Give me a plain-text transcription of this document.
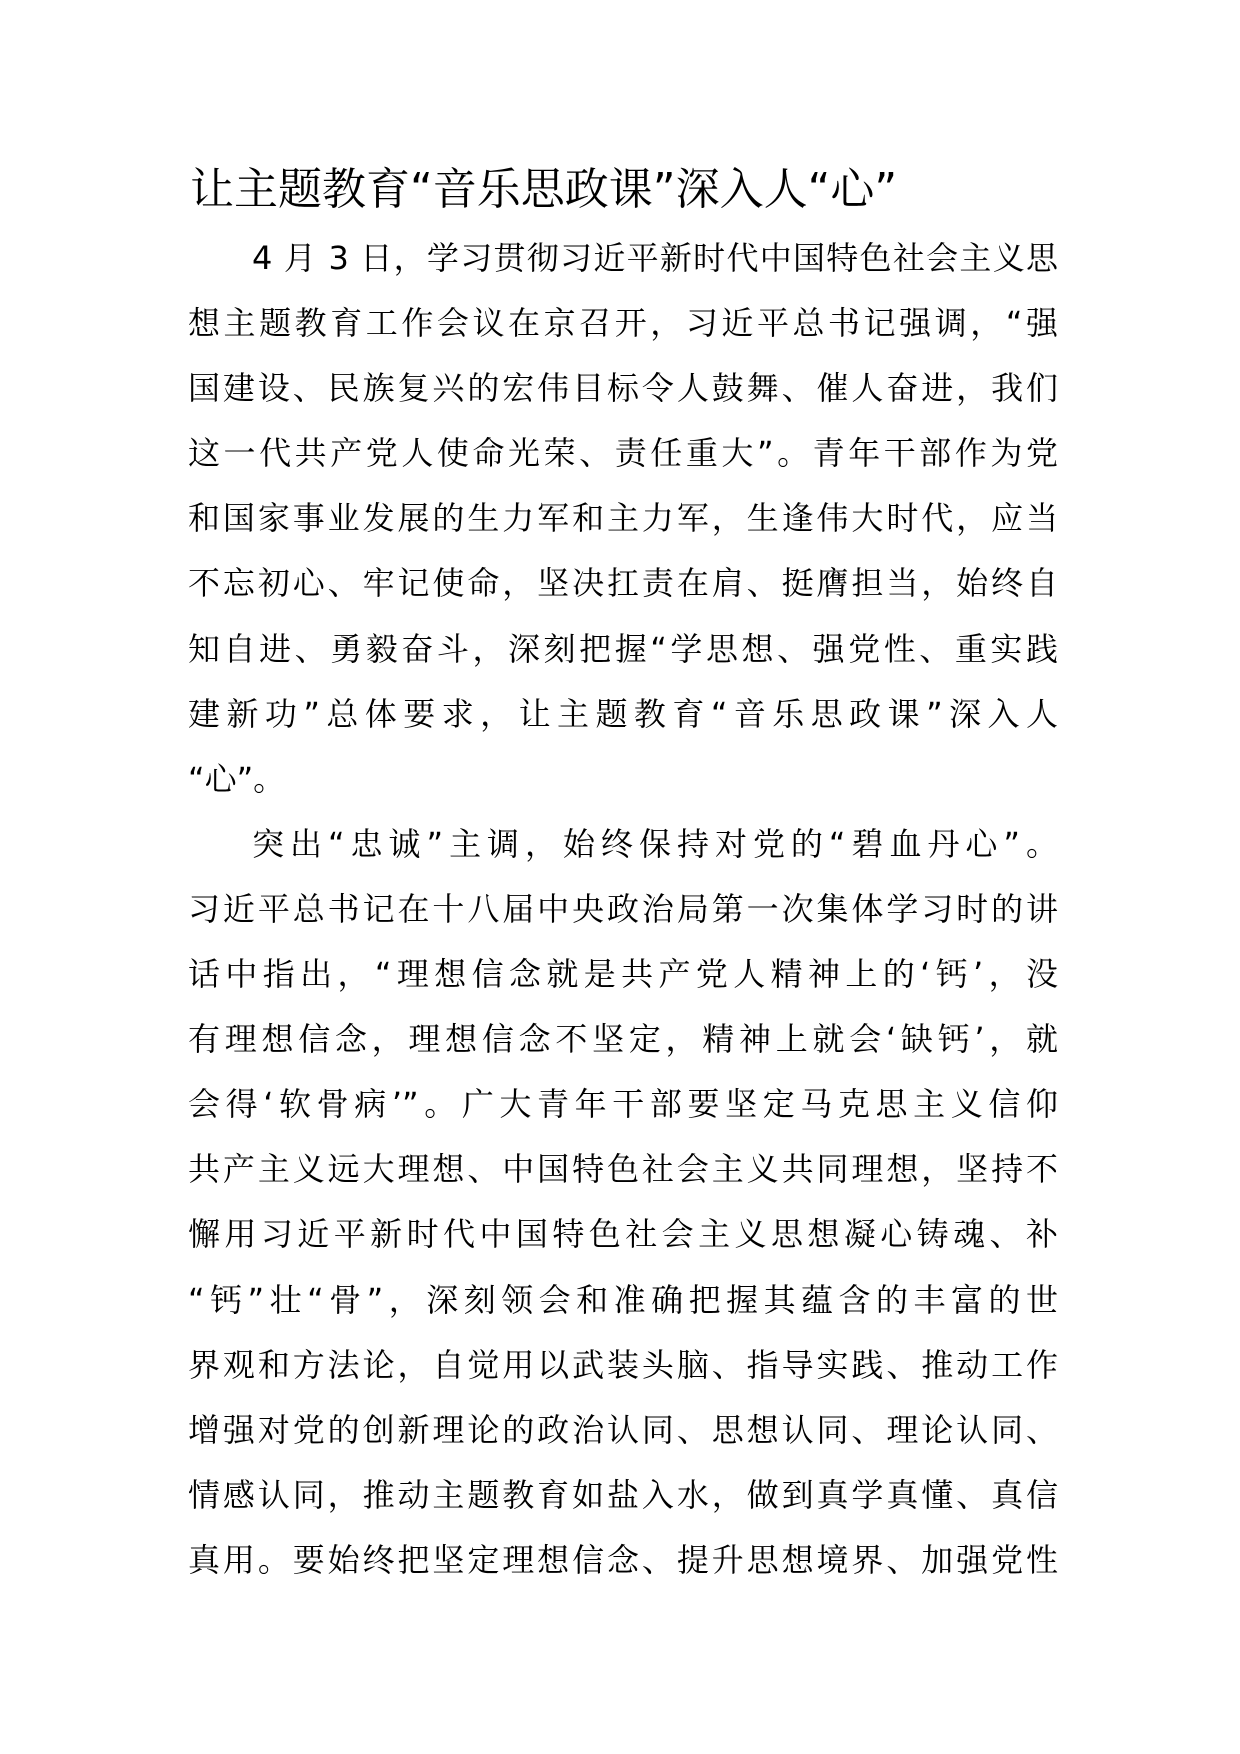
让主题教育“音乐思政课”深入人“心”
4 月 3 日，学习贯彻习近平新时代中国特色社会主义思
想主题教育工作会议在京召开，习近平总书记强调，“强
国建设、民族复兴的宏伟目标令人鼓舞、催人奋进，我们
这一代共产党人使命光荣、责任重大”。青年干部作为党
和国家事业发展的生力军和主力军，生逢伟大时代，应当
不忘初心、牢记使命，坚决扛责在肩、挺膺担当，始终自
知自进、勇毅奋斗，深刻把握“学思想、强党性、重实践
建新功”总体要求，让主题教育“音乐思政课”深入人
“心”。
突出“忠诚”主调，始终保持对党的“碧血丹心”。
习近平总书记在十八届中央政治局第一次集体学习时的讲
话中指出，“理想信念就是共产党人精神上的‘钙’，没
有理想信念，理想信念不坚定，精神上就会‘缺钙’，就
会得‘软骨病’”。广大青年干部要坚定马克思主义信仰
共产主义远大理想、中国特色社会主义共同理想，坚持不
懈用习近平新时代中国特色社会主义思想凝心铸魂、补
“钙”壮“骨”，深刻领会和准确把握其蕴含的丰富的世
界观和方法论，自觉用以武装头脑、指导实践、推动工作
增强对党的创新理论的政治认同、思想认同、理论认同、
情感认同，推动主题教育如盐入水，做到真学真懂、真信
真用。要始终把坚定理想信念、提升思想境界、加强党性
